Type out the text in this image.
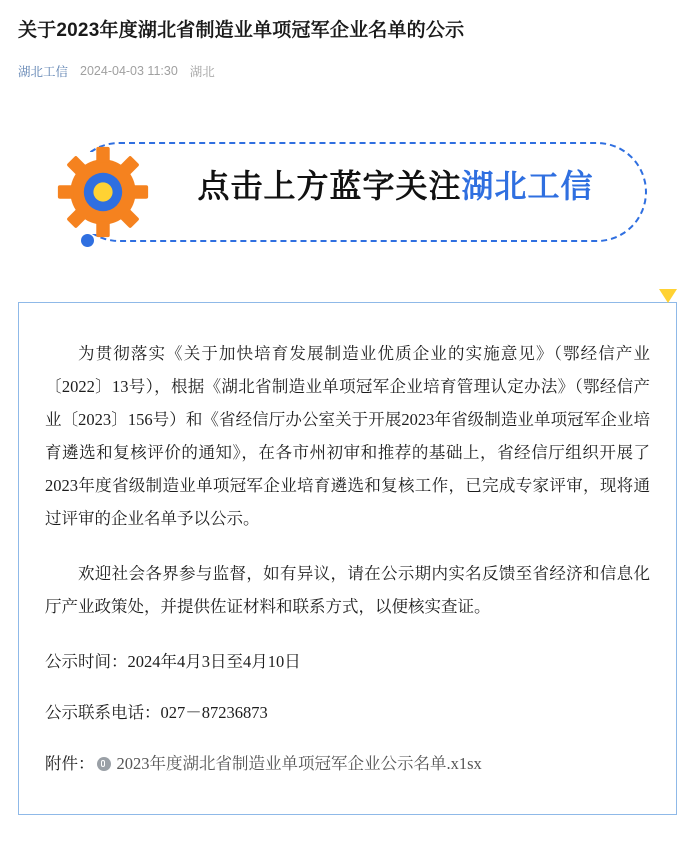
关于2023年度湖北省制造业单项冠军企业名单的公示
湖北工信 2024-04-03 11:30 湖北
点击上方蓝字关注湖北工信

为贯彻落实《关于加快培育发展制造业优质企业的实施意见》（鄂经信产业〔2022〕13号），根据《湖北省制造业单项冠军企业培育管理认定办法》（鄂经信产业〔2023〕156号）和《省经信厅办公室关于开展2023年省级制造业单项冠军企业培育遴选和复核评价的通知》，在各市州初审和推荐的基础上，省经信厅组织开展了2023年度省级制造业单项冠军企业培育遴选和复核工作，已完成专家评审，现将通过评审的企业名单予以公示。

欢迎社会各界参与监督，如有异议，请在公示期内实名反馈至省经济和信息化厅产业政策处，并提供佐证材料和联系方式，以便核实查证。

公示时间：2024年4月3日至4月10日

公示联系电话：027－87236873

附件： 2023年度湖北省制造业单项冠军企业公示名单.x1sx
